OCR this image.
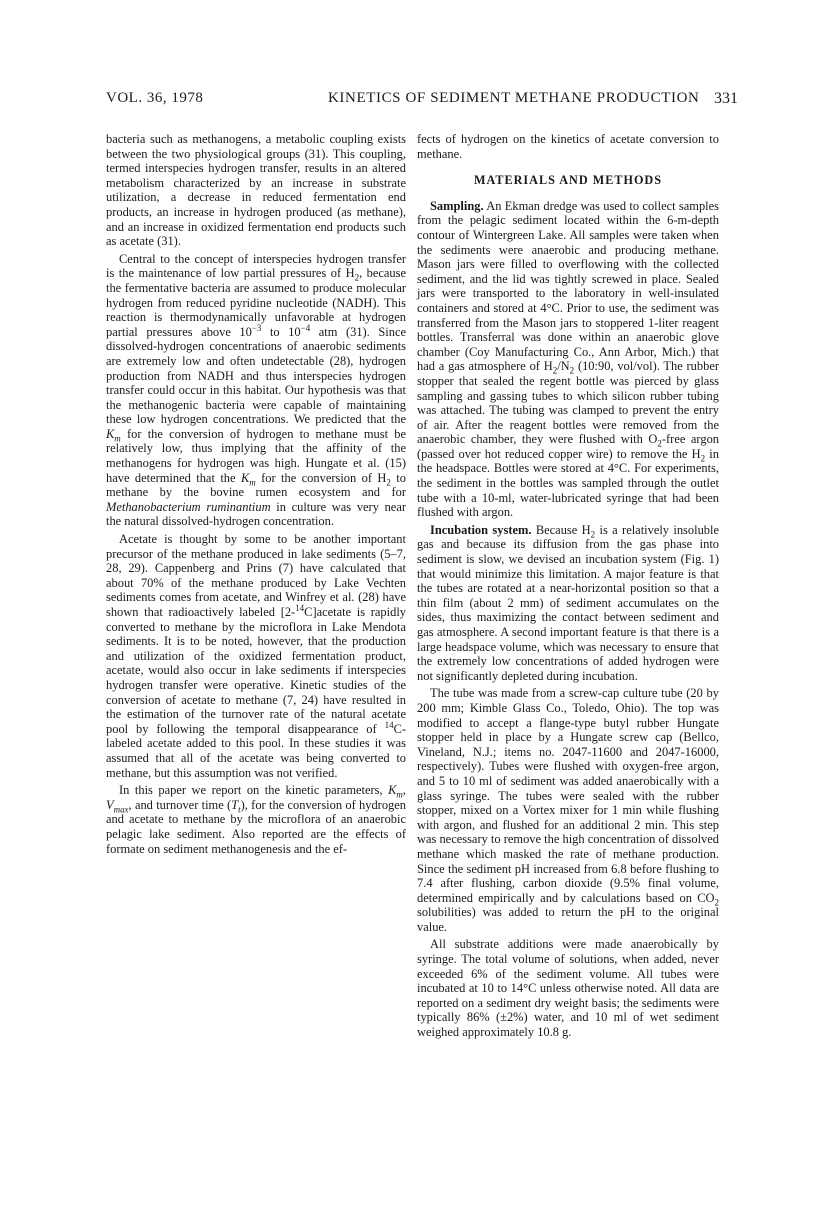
VOL. 36, 1978	KINETICS OF SEDIMENT METHANE PRODUCTION 331

bacteria such as methanogens, a metabolic coupling exists between the two physiological groups (31). This coupling, termed interspecies hydrogen transfer, results in an altered metabolism characterized by an increase in substrate utilization, a decrease in reduced fermentation end products, an increase in hydrogen produced (as methane), and an increase in oxidized fermentation end products such as acetate (31).

Central to the concept of interspecies hydrogen transfer is the maintenance of low partial pressures of $H_2$, because the fermentative bacteria are assumed to produce molecular hydrogen from reduced pyridine nucleotide (NADH). This reaction is thermodynamically unfavorable at hydrogen partial pressures above $10^{-3}$ to $10^{-4}$ atm (31). Since dissolved-hydrogen concentrations of anaerobic sediments are extremely low and often undetectable (28), hydrogen production from NADH and thus interspecies hydrogen transfer could occur in this habitat. Our hypothesis was that the methanogenic bacteria were capable of maintaining these low hydrogen concentrations. We predicted that the $K_m$ for the conversion of hydrogen to methane must be relatively low, thus implying that the affinity of the methanogens for hydrogen was high. Hungate et al. (15) have determined that the $K_m$ for the conversion of $H_2$ to methane by the bovine rumen ecosystem and for Methanobacterium ruminantium in culture was very near the natural dissolved-hydrogen concentration.

Acetate is thought by some to be another important precursor of the methane produced in lake sediments (5–7, 28, 29). Cappenberg and Prins (7) have calculated that about 70% of the methane produced by Lake Vechten sediments comes from acetate, and Winfrey et al. (28) have shown that radioactively labeled [2-$^{14}$C]acetate is rapidly converted to methane by the microflora in Lake Mendota sediments. It is to be noted, however, that the production and utilization of the oxidized fermentation product, acetate, would also occur in lake sediments if interspecies hydrogen transfer were operative. Kinetic studies of the conversion of acetate to methane (7, 24) have resulted in the estimation of the turnover rate of the natural acetate pool by following the temporal disappearance of $^{14}$C-labeled acetate added to this pool. In these studies it was assumed that all of the acetate was being converted to methane, but this assumption was not verified.

In this paper we report on the kinetic parameters, $K_m$, $V_{max}$, and turnover time $(T_t)$, for the conversion of hydrogen and acetate to methane by the microflora of an anaerobic pelagic lake sediment. Also reported are the effects of formate on sediment methanogenesis and the ef-

fects of hydrogen on the kinetics of acetate conversion to methane.

MATERIALS AND METHODS

Sampling. An Ekman dredge was used to collect samples from the pelagic sediment located within the 6-m-depth contour of Wintergreen Lake. All samples were taken when the sediments were anaerobic and producing methane. Mason jars were filled to overflowing with the collected sediment, and the lid was tightly screwed in place. Sealed jars were transported to the laboratory in well-insulated containers and stored at 4°C. Prior to use, the sediment was transferred from the Mason jars to stoppered 1-liter reagent bottles. Transferral was done within an anaerobic glove chamber (Coy Manufacturing Co., Ann Arbor, Mich.) that had a gas atmosphere of $H_2/N_2$ (10:90, vol/vol). The rubber stopper that sealed the regent bottle was pierced by glass sampling and gassing tubes to which silicon rubber tubing was attached. The tubing was clamped to prevent the entry of air. After the reagent bottles were removed from the anaerobic chamber, they were flushed with $O_2$-free argon (passed over hot reduced copper wire) to remove the $H_2$ in the headspace. Bottles were stored at 4°C. For experiments, the sediment in the bottles was sampled through the outlet tube with a 10-ml, water-lubricated syringe that had been flushed with argon.

Incubation system. Because $H_2$ is a relatively insoluble gas and because its diffusion from the gas phase into sediment is slow, we devised an incubation system (Fig. 1) that would minimize this limitation. A major feature is that the tubes are rotated at a near-horizontal position so that a thin film (about 2 mm) of sediment accumulates on the sides, thus maximizing the contact between sediment and gas atmosphere. A second important feature is that there is a large headspace volume, which was necessary to ensure that the extremely low concentrations of added hydrogen were not significantly depleted during incubation.

The tube was made from a screw-cap culture tube (20 by 200 mm; Kimble Glass Co., Toledo, Ohio). The top was modified to accept a flange-type butyl rubber Hungate stopper held in place by a Hungate screw cap (Bellco, Vineland, N.J.; items no. 2047-11600 and 2047-16000, respectively). Tubes were flushed with oxygen-free argon, and 5 to 10 ml of sediment was added anaerobically with a glass syringe. The tubes were sealed with the rubber stopper, mixed on a Vortex mixer for 1 min while flushing with argon, and flushed for an additional 2 min. This step was necessary to remove the high concentration of dissolved methane which masked the rate of methane production. Since the sediment pH increased from 6.8 before flushing to 7.4 after flushing, carbon dioxide (9.5% final volume, determined empirically and by calculations based on $CO_2$ solubilities) was added to return the pH to the original value.

All substrate additions were made anaerobically by syringe. The total volume of solutions, when added, never exceeded 6% of the sediment volume. All tubes were incubated at 10 to 14°C unless otherwise noted. All data are reported on a sediment dry weight basis; the sediments were typically 86% (±2%) water, and 10 ml of wet sediment weighed approximately 10.8 g.
